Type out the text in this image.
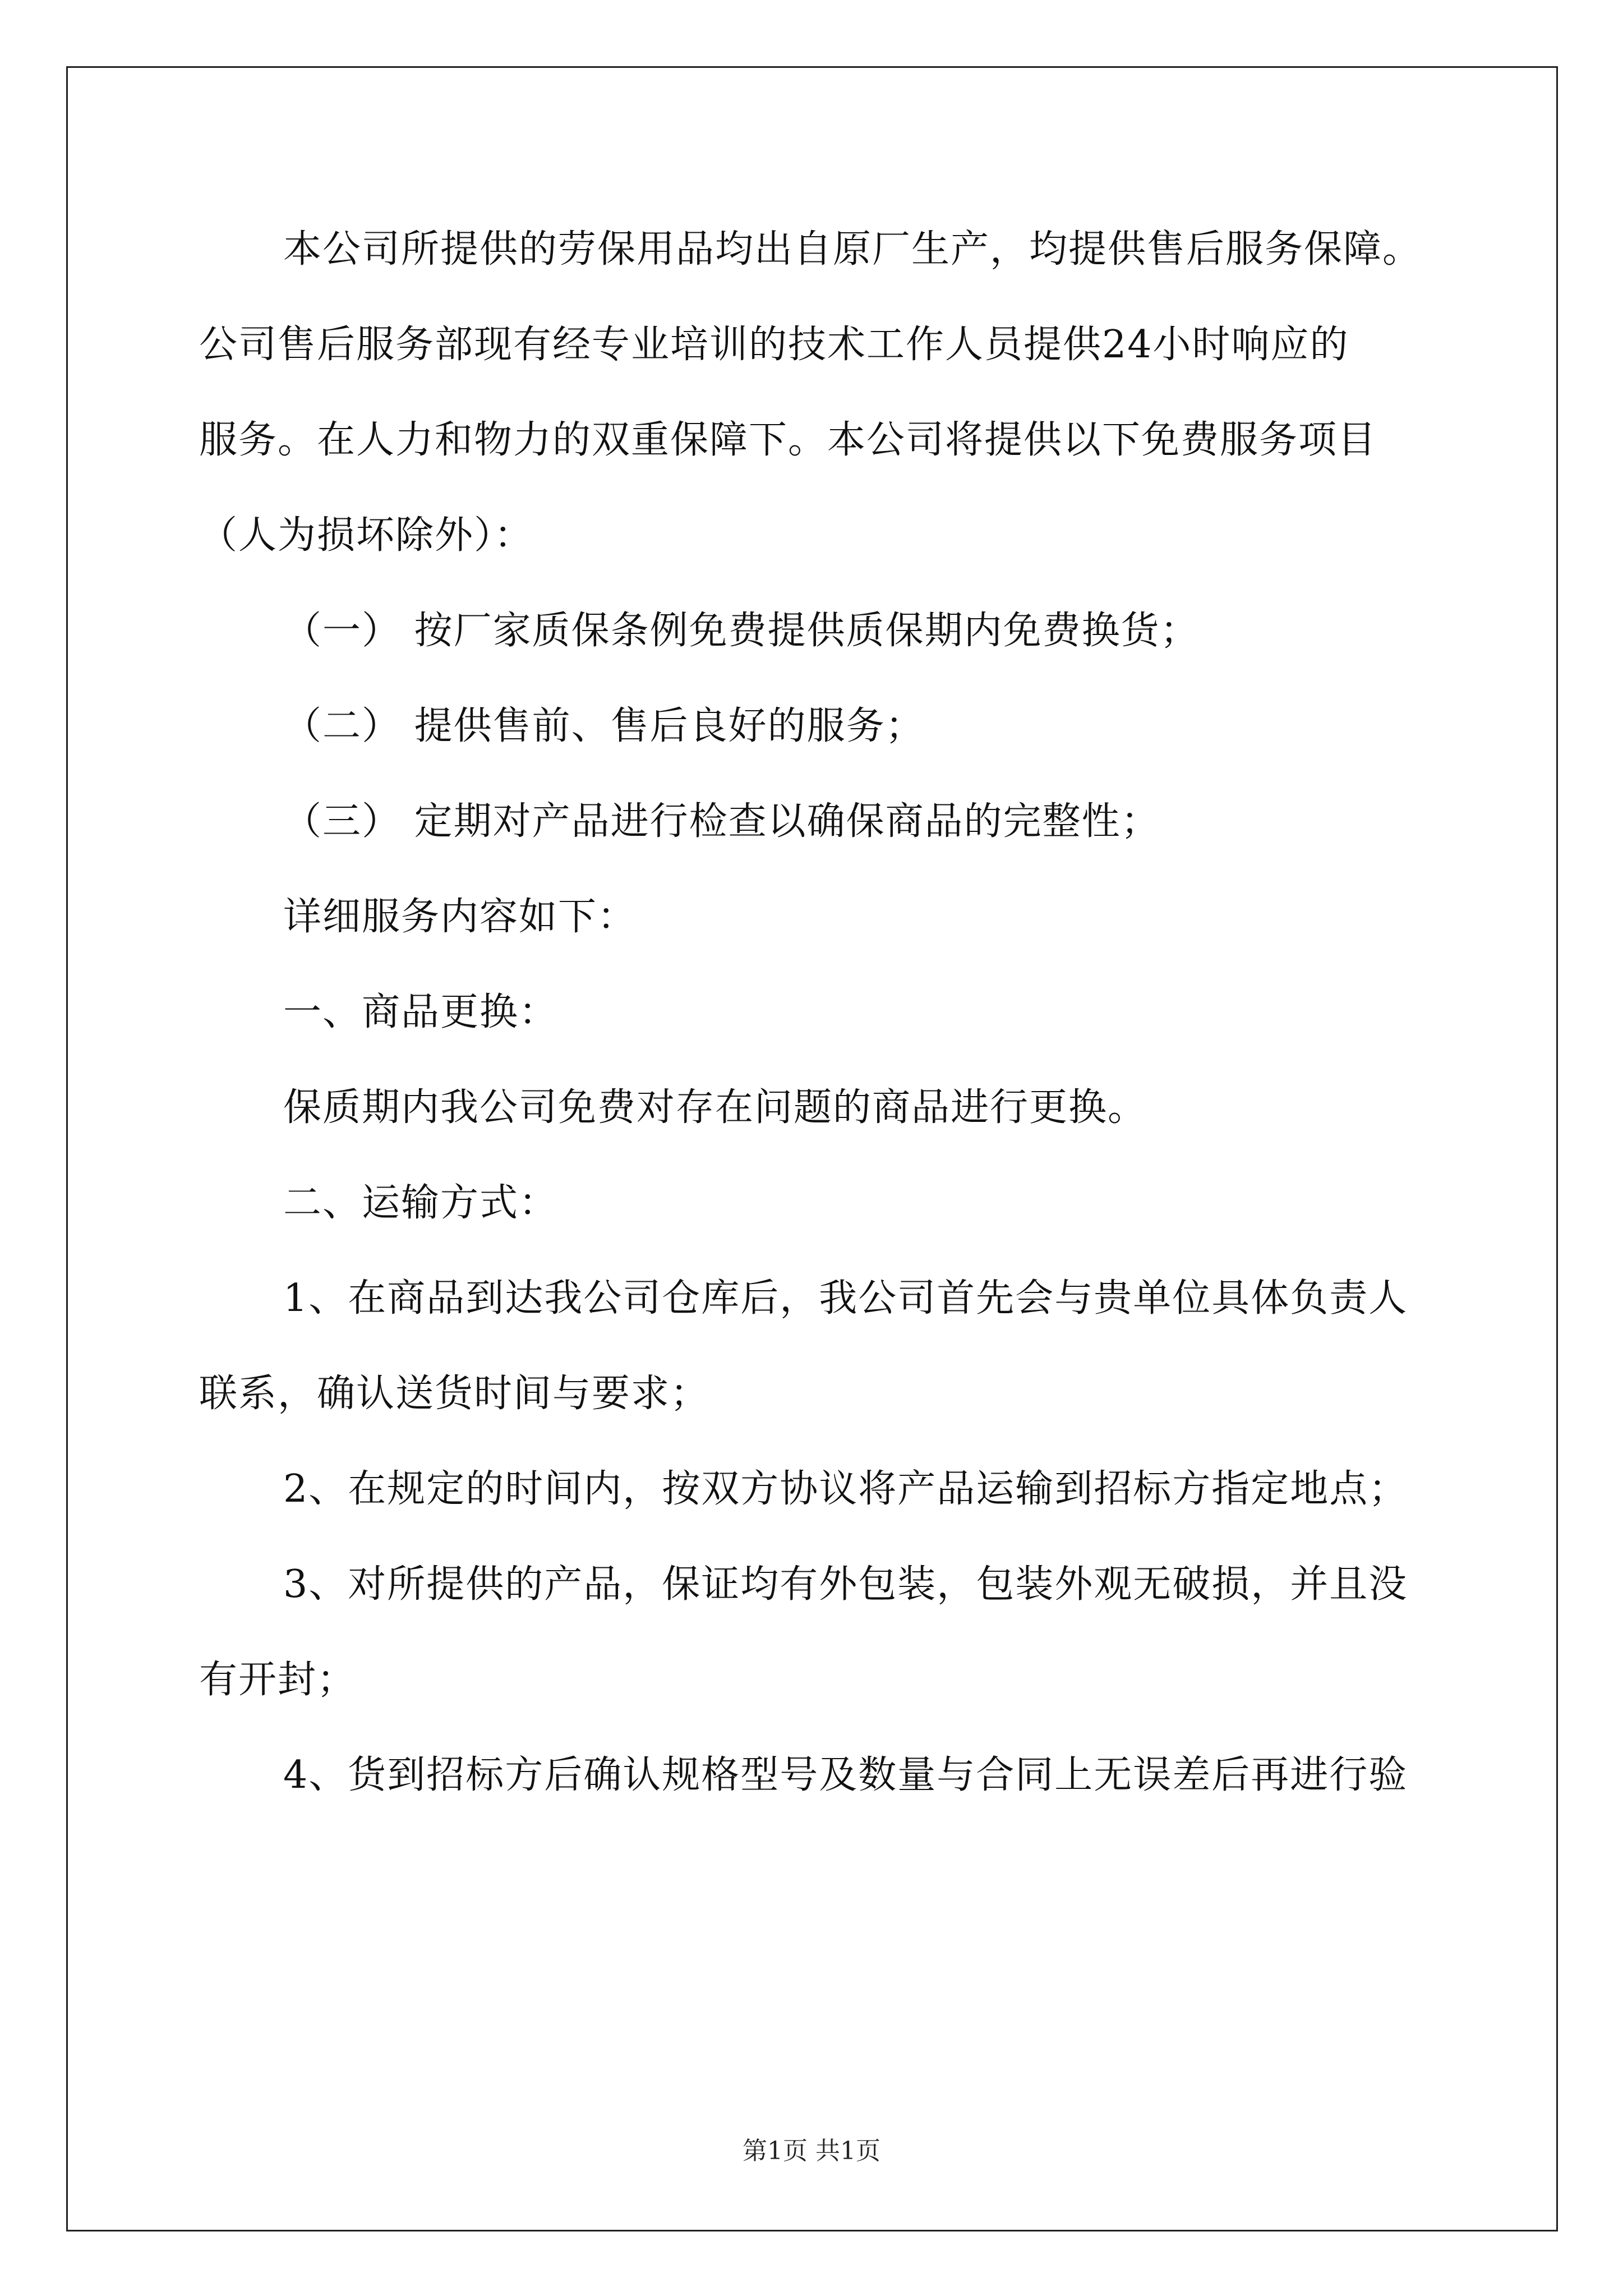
本公司所提供的劳保用品均出自原厂生产，均提供售后服务保障。
公司售后服务部现有经专业培训的技术工作人员提供24小时响应的
服务。在人力和物力的双重保障下。本公司将提供以下免费服务项目
（人为损坏除外）：
（一） 按厂家质保条例免费提供质保期内免费换货；
（二） 提供售前、售后良好的服务；
（三） 定期对产品进行检查以确保商品的完整性；
详细服务内容如下：
一、商品更换：
保质期内我公司免费对存在问题的商品进行更换。
二、运输方式：
1、在商品到达我公司仓库后，我公司首先会与贵单位具体负责人
联系，确认送货时间与要求；
2、在规定的时间内，按双方协议将产品运输到招标方指定地点；
3、对所提供的产品，保证均有外包装，包装外观无破损，并且没
有开封；
4、货到招标方后确认规格型号及数量与合同上无误差后再进行验
第1页 共1页
